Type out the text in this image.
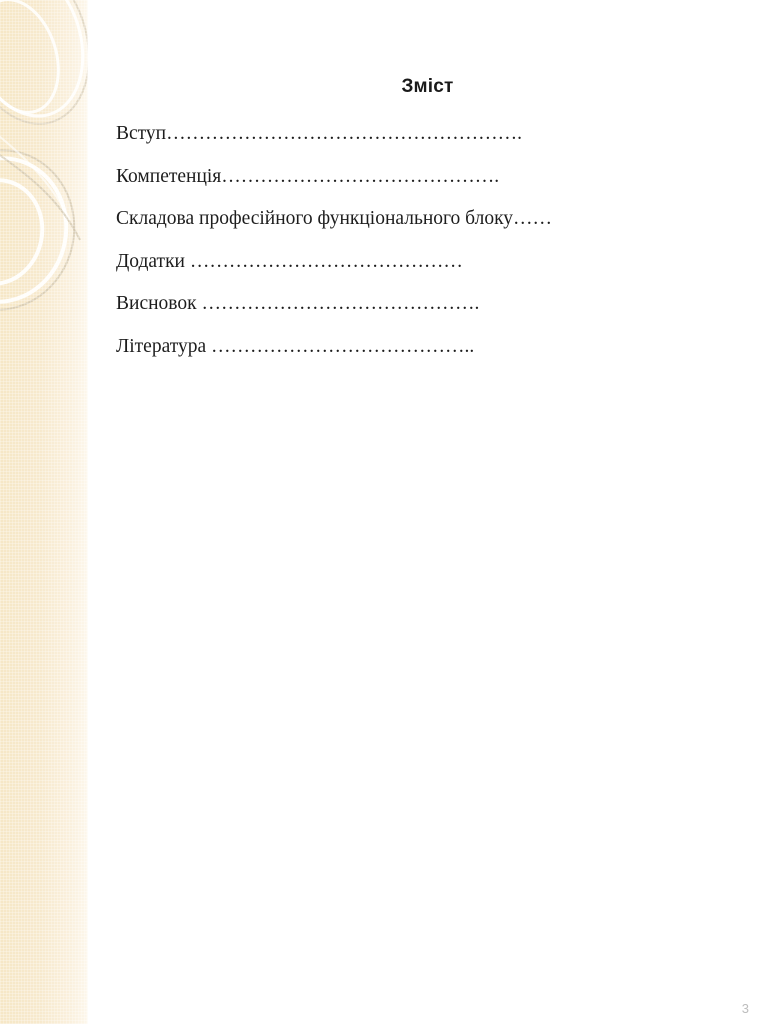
Зміст
Вступ……………………………………………….
Компетенція…………………………………….
Складова професійного функціонального блоку……
Додатки ……………………………………
Висновок …………………………………….
Література …………………………………..
3
